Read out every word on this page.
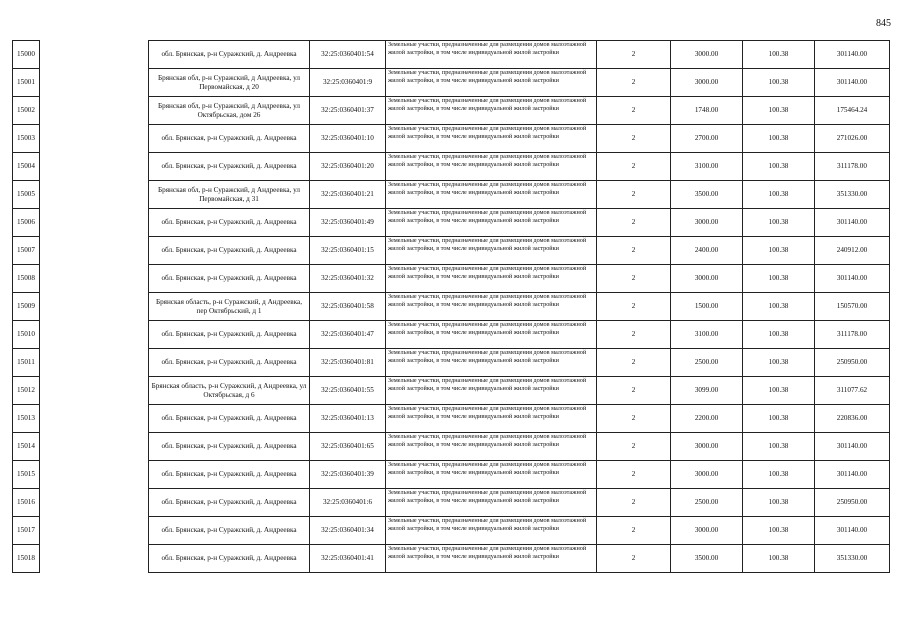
845
15000		обл. Брянская, р-н Суражский, д. Андреевка	32:25:0360401:54	Земельные участки, предназначенные для размещения домов малоэтажной жилой застройки, в том числе индивидуальной жилой застройки	2	3000.00	100.38	301140.00
15001		Брянская обл, р-н Суражский, д Андреевка, ул Первомайская, д 20	32:25:0360401:9	Земельные участки, предназначенные для размещения домов малоэтажной жилой застройки, в том числе индивидуальной жилой застройки	2	3000.00	100.38	301140.00
15002		Брянская обл, р-н Суражский, д Андреевка, ул Октябрьская, дом 26	32:25:0360401:37	Земельные участки, предназначенные для размещения домов малоэтажной жилой застройки, в том числе индивидуальной жилой застройки	2	1748.00	100.38	175464.24
15003		обл. Брянская, р-н Суражский, д. Андреевка	32:25:0360401:10	Земельные участки, предназначенные для размещения домов малоэтажной жилой застройки, в том числе индивидуальной жилой застройки	2	2700.00	100.38	271026.00
15004		обл. Брянская, р-н Суражский, д. Андреевка	32:25:0360401:20	Земельные участки, предназначенные для размещения домов малоэтажной жилой застройки, в том числе индивидуальной жилой застройки	2	3100.00	100.38	311178.00
15005		Брянская обл, р-н Суражский, д Андреевка, ул Первомайская, д 31	32:25:0360401:21	Земельные участки, предназначенные для размещения домов малоэтажной жилой застройки, в том числе индивидуальной жилой застройки	2	3500.00	100.38	351330.00
15006		обл. Брянская, р-н Суражский, д. Андреевка	32:25:0360401:49	Земельные участки, предназначенные для размещения домов малоэтажной жилой застройки, в том числе индивидуальной жилой застройки	2	3000.00	100.38	301140.00
15007		обл. Брянская, р-н Суражский, д. Андреевка	32:25:0360401:15	Земельные участки, предназначенные для размещения домов малоэтажной жилой застройки, в том числе индивидуальной жилой застройки	2	2400.00	100.38	240912.00
15008		обл. Брянская, р-н Суражский, д. Андреевка	32:25:0360401:32	Земельные участки, предназначенные для размещения домов малоэтажной жилой застройки, в том числе индивидуальной жилой застройки	2	3000.00	100.38	301140.00
15009		Брянская область, р-н Суражский, д Андреевка, пер Октябрьский, д 1	32:25:0360401:58	Земельные участки, предназначенные для размещения домов малоэтажной жилой застройки, в том числе индивидуальной жилой застройки	2	1500.00	100.38	150570.00
15010		обл. Брянская, р-н Суражский, д. Андреевка	32:25:0360401:47	Земельные участки, предназначенные для размещения домов малоэтажной жилой застройки, в том числе индивидуальной жилой застройки	2	3100.00	100.38	311178.00
15011		обл. Брянская, р-н Суражский, д. Андреевка	32:25:0360401:81	Земельные участки, предназначенные для размещения домов малоэтажной жилой застройки, в том числе индивидуальной жилой застройки	2	2500.00	100.38	250950.00
15012		Брянская область, р-н Суражский, д Андреевка, ул Октябрьская, д 6	32:25:0360401:55	Земельные участки, предназначенные для размещения домов малоэтажной жилой застройки, в том числе индивидуальной жилой застройки	2	3099.00	100.38	311077.62
15013		обл. Брянская, р-н Суражский, д. Андреевка	32:25:0360401:13	Земельные участки, предназначенные для размещения домов малоэтажной жилой застройки, в том числе индивидуальной жилой застройки	2	2200.00	100.38	220836.00
15014		обл. Брянская, р-н Суражский, д. Андреевка	32:25:0360401:65	Земельные участки, предназначенные для размещения домов малоэтажной жилой застройки, в том числе индивидуальной жилой застройки	2	3000.00	100.38	301140.00
15015		обл. Брянская, р-н Суражский, д. Андреевка	32:25:0360401:39	Земельные участки, предназначенные для размещения домов малоэтажной жилой застройки, в том числе индивидуальной жилой застройки	2	3000.00	100.38	301140.00
15016		обл. Брянская, р-н Суражский, д. Андреевка	32:25:0360401:6	Земельные участки, предназначенные для размещения домов малоэтажной жилой застройки, в том числе индивидуальной жилой застройки	2	2500.00	100.38	250950.00
15017		обл. Брянская, р-н Суражский, д. Андреевка	32:25:0360401:34	Земельные участки, предназначенные для размещения домов малоэтажной жилой застройки, в том числе индивидуальной жилой застройки	2	3000.00	100.38	301140.00
15018		обл. Брянская, р-н Суражский, д. Андреевка	32:25:0360401:41	Земельные участки, предназначенные для размещения домов малоэтажной жилой застройки, в том числе индивидуальной жилой застройки	2	3500.00	100.38	351330.00
